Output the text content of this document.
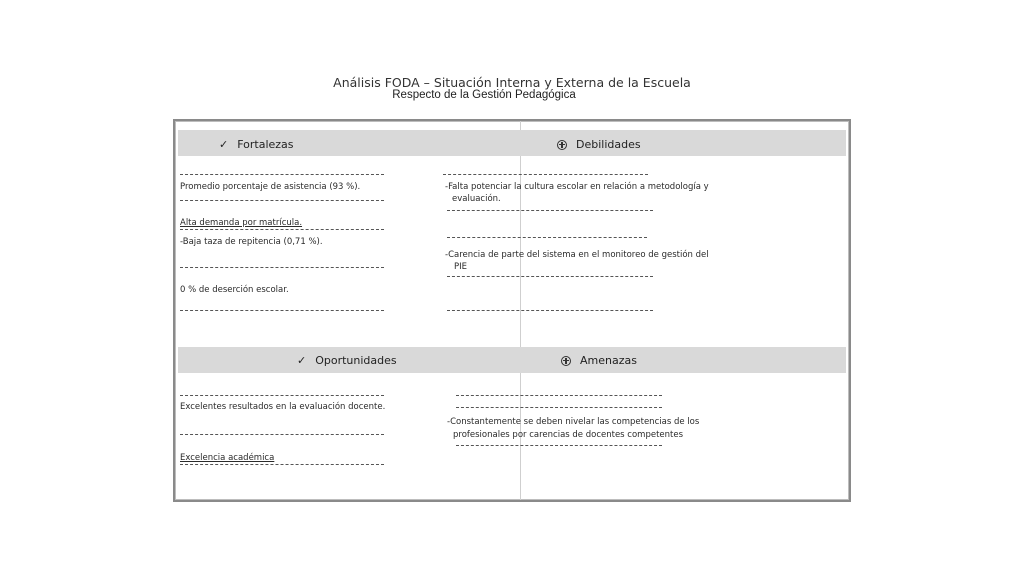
Análisis FODA – Situación Interna y Externa de la Escuela
Respecto de la Gestión Pedagógica
✓ Fortalezas	Debilidades
Promedio porcentaje de asistencia (93 %).
Alta demanda por matrícula.
-Baja taza de repitencia (0,71 %).
0 % de deserción escolar.
-Falta potenciar la cultura escolar en relación a metodología y
evaluación.
-Carencia de parte del sistema en el monitoreo de gestión del
PIE
✓ Oportunidades	Amenazas
Excelentes resultados en la evaluación docente.
Excelencia académica
-Constantemente se deben nivelar las competencias de los
profesionales por carencias de docentes competentes
